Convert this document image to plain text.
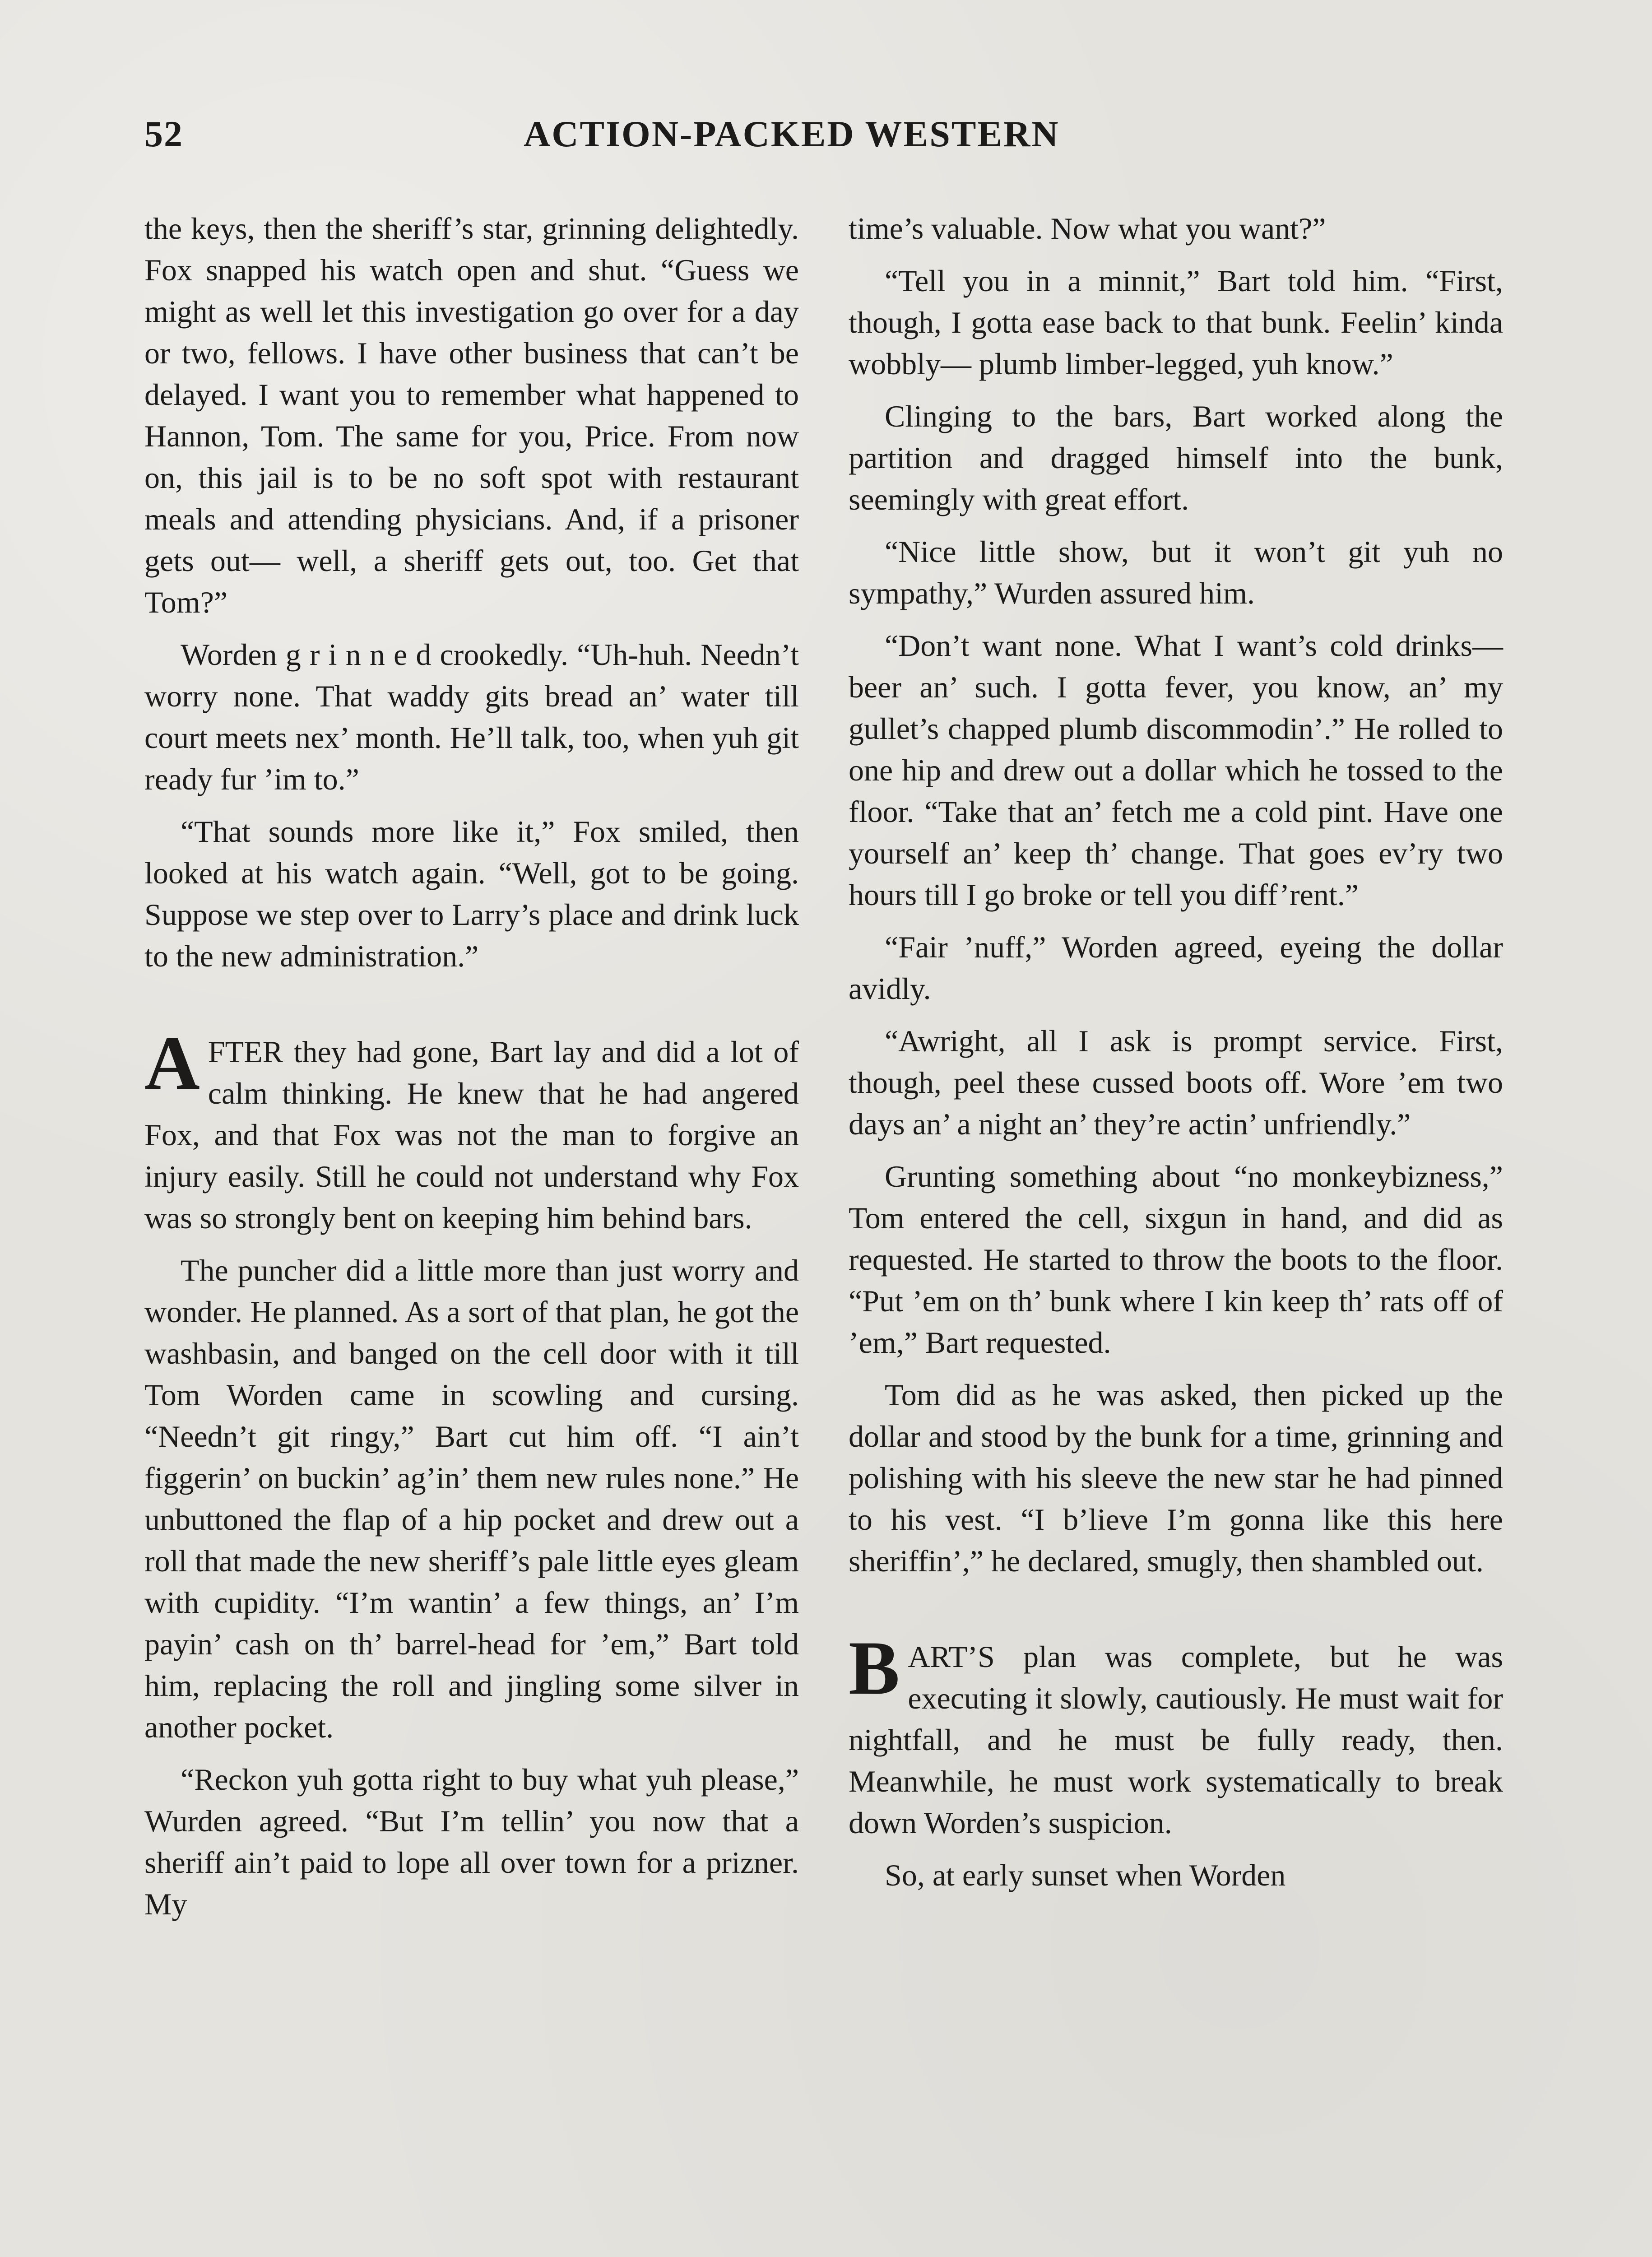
52	ACTION-PACKED WESTERN

the keys, then the sheriff’s star, grinning delightedly. Fox snapped his watch open and shut. “Guess we might as well let this investigation go over for a day or two, fellows. I have other business that can’t be delayed. I want you to remember what happened to Hannon, Tom. The same for you, Price. From now on, this jail is to be no soft spot with restaurant meals and attending physicians. And, if a prisoner gets out— well, a sheriff gets out, too. Get that Tom?”

Worden g r i n n e d crookedly. “Uh-huh. Needn’t worry none. That waddy gits bread an’ water till court meets nex’ month. He’ll talk, too, when yuh git ready fur ’im to.”

“That sounds more like it,” Fox smiled, then looked at his watch again. “Well, got to be going. Suppose we step over to Larry’s place and drink luck to the new administration.”

A FTER they had gone, Bart lay and did a lot of calm thinking. He knew that he had angered Fox, and that Fox was not the man to forgive an injury easily. Still he could not understand why Fox was so strongly bent on keeping him behind bars.

The puncher did a little more than just worry and wonder. He planned. As a sort of that plan, he got the washbasin, and banged on the cell door with it till Tom Worden came in scowling and cursing. “Needn’t git ringy,” Bart cut him off. “I ain’t figgerin’ on buckin’ ag’in’ them new rules none.” He unbuttoned the flap of a hip pocket and drew out a roll that made the new sheriff’s pale little eyes gleam with cupidity. “I’m wantin’ a few things, an’ I’m payin’ cash on th’ barrel-head for ’em,” Bart told him, replacing the roll and jingling some silver in another pocket.

“Reckon yuh gotta right to buy what yuh please,” Wurden agreed. “But I’m tellin’ you now that a sheriff ain’t paid to lope all over town for a prizner. My

time’s valuable. Now what you want?”

“Tell you in a minnit,” Bart told him. “First, though, I gotta ease back to that bunk. Feelin’ kinda wobbly— plumb limber-legged, yuh know.”

Clinging to the bars, Bart worked along the partition and dragged himself into the bunk, seemingly with great effort.

“Nice little show, but it won’t git yuh no sympathy,” Wurden assured him.

“Don’t want none. What I want’s cold drinks—beer an’ such. I gotta fever, you know, an’ my gullet’s chapped plumb discommodin’.” He rolled to one hip and drew out a dollar which he tossed to the floor. “Take that an’ fetch me a cold pint. Have one yourself an’ keep th’ change. That goes ev’ry two hours till I go broke or tell you diff’rent.”

“Fair ’nuff,” Worden agreed, eyeing the dollar avidly.

“Awright, all I ask is prompt service. First, though, peel these cussed boots off. Wore ’em two days an’ a night an’ they’re actin’ unfriendly.”

Grunting something about “no monkeybizness,” Tom entered the cell, sixgun in hand, and did as requested. He started to throw the boots to the floor. “Put ’em on th’ bunk where I kin keep th’ rats off of ’em,” Bart requested.

Tom did as he was asked, then picked up the dollar and stood by the bunk for a time, grinning and polishing with his sleeve the new star he had pinned to his vest. “I b’lieve I’m gonna like this here sheriffin’,” he declared, smugly, then shambled out.

B ART’S plan was complete, but he was executing it slowly, cautiously. He must wait for nightfall, and he must be fully ready, then. Meanwhile, he must work systematically to break down Worden’s suspicion.

So, at early sunset when Worden
